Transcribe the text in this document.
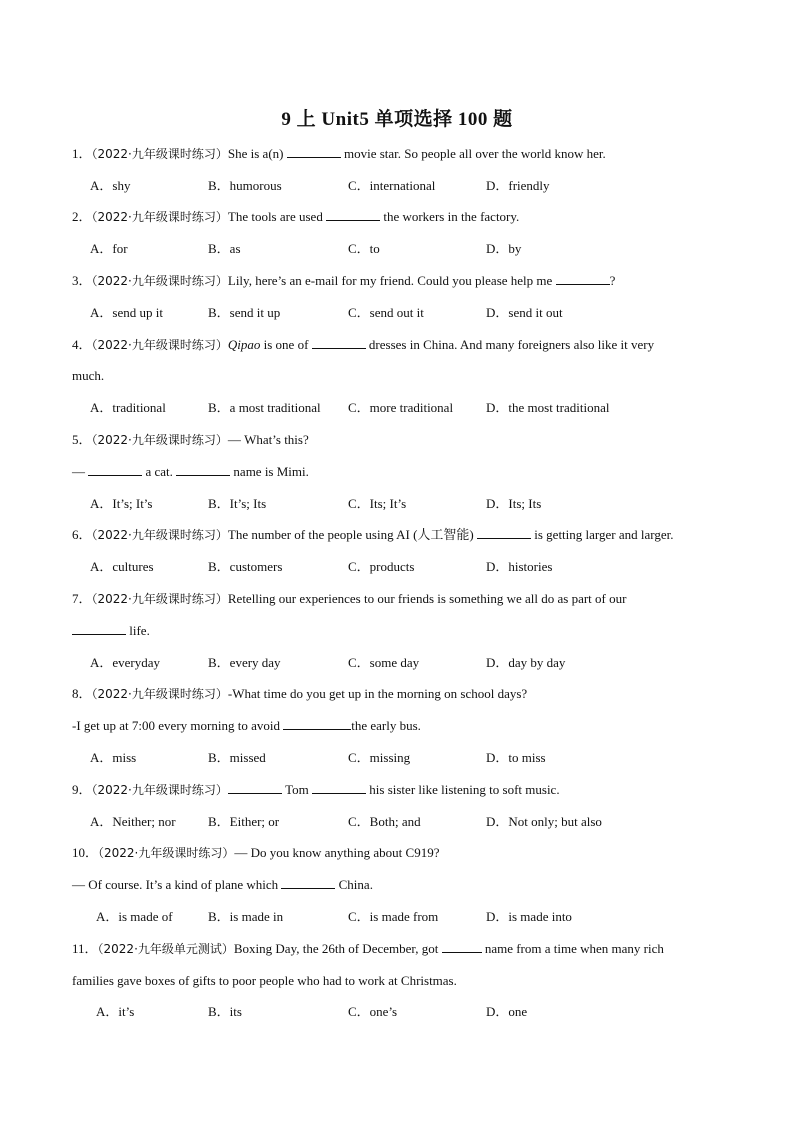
9 上 Unit5 单项选择 100 题
1．（2022·九年级课时练习）She is a(n)	movie star. So people all over the world know her.
A．shy	B．humorous	C．international	D．friendly
2．（2022·九年级课时练习）The tools are used	the workers in the factory.
A．for	B．as	C．to	D．by
3．（2022·九年级课时练习）Lily, here’s an e-mail for my friend. Could you please help me	?
A．send up it	B．send it up	C．send out it	D．send it out
4．（2022·九年级课时练习）Qipao is one of	dresses in China. And many foreigners also like it very
much.
A．traditional	B．a most traditional C．more traditional	D．the most traditional
5．（2022·九年级课时练习）— What’s this?
—	a cat.	name is Mimi.
A．It’s; It’s	B．It’s; Its	C．Its; It’s	D．Its; Its
6．（2022·九年级课时练习）The number of the people using AI (人工智能)	is getting larger and larger.
A．cultures	B．customers	C．products	D．histories
7．（2022·九年级课时练习）Retelling our experiences to our friends is something we all do as part of our
life.
A．everyday	B．every day	C．some day	D．day by day
8．（2022·九年级课时练习）-What time do you get up in the morning on school days?
-I get up at 7:00 every morning to avoid	the early bus.
A．miss	B．missed	C．missing	D．to miss
9．（2022·九年级课时练习）	Tom	his sister like listening to soft music.
A．Neither; nor B．Either; or	C．Both; and	D．Not only; but also
10．（2022·九年级课时练习）— Do you know anything about C919?
— Of course. It’s a kind of plane which	China.
A．is made of	B．is made in	C．is made from	D．is made into
11．（2022·九年级单元测试）Boxing Day, the 26th of December, got	name from a time when many rich
families gave boxes of gifts to poor people who had to work at Christmas.
A．it’s	B．its	C．one’s	D．one
